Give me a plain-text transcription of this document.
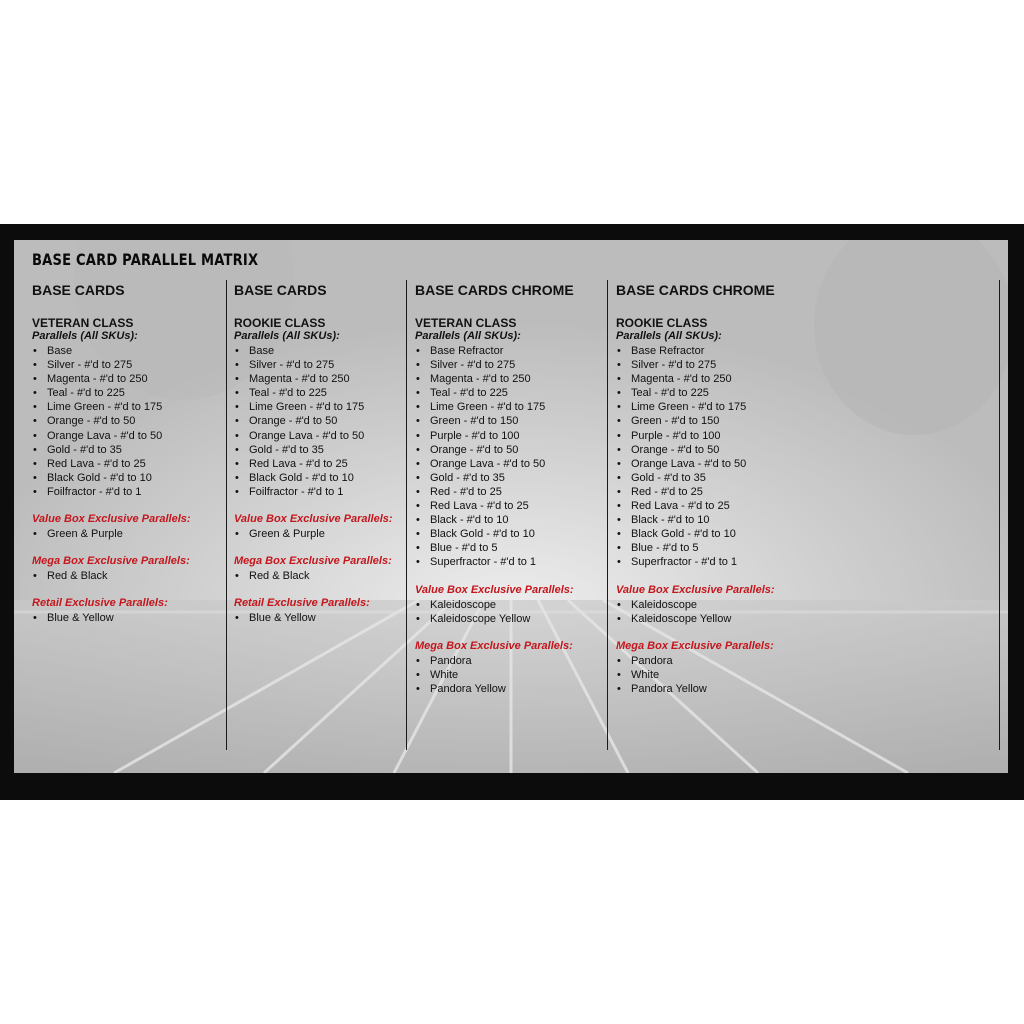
BASE CARD PARALLEL MATRIX
BASE CARDS
VETERAN CLASS
Parallels (All SKUs):
• Base
• Silver - #'d to 275
• Magenta - #'d to 250
• Teal - #'d to 225
• Lime Green - #'d to 175
• Orange - #'d to 50
• Orange Lava - #'d to 50
• Gold - #'d to 35
• Red Lava - #'d to 25
• Black Gold - #'d to 10
• Foilfractor - #'d to 1
Value Box Exclusive Parallels:
• Green & Purple
Mega Box Exclusive Parallels:
• Red & Black
Retail Exclusive Parallels:
• Blue & Yellow
BASE CARDS
ROOKIE CLASS
Parallels (All SKUs):
• Base
• Silver - #'d to 275
• Magenta - #'d to 250
• Teal - #'d to 225
• Lime Green - #'d to 175
• Orange - #'d to 50
• Orange Lava - #'d to 50
• Gold - #'d to 35
• Red Lava - #'d to 25
• Black Gold - #'d to 10
• Foilfractor - #'d to 1
Value Box Exclusive Parallels:
• Green & Purple
Mega Box Exclusive Parallels:
• Red & Black
Retail Exclusive Parallels:
• Blue & Yellow
BASE CARDS CHROME
VETERAN CLASS
Parallels (All SKUs):
• Base Refractor
• Silver - #'d to 275
• Magenta - #'d to 250
• Teal - #'d to 225
• Lime Green - #'d to 175
• Green - #'d to 150
• Purple - #'d to 100
• Orange - #'d to 50
• Orange Lava - #'d to 50
• Gold - #'d to 35
• Red - #'d to 25
• Red Lava - #'d to 25
• Black - #'d to 10
• Black Gold - #'d to 10
• Blue - #'d to 5
• Superfractor - #'d to 1
Value Box Exclusive Parallels:
• Kaleidoscope
• Kaleidoscope Yellow
Mega Box Exclusive Parallels:
• Pandora
• White
• Pandora Yellow
BASE CARDS CHROME
ROOKIE CLASS
Parallels (All SKUs):
• Base Refractor
• Silver - #'d to 275
• Magenta - #'d to 250
• Teal - #'d to 225
• Lime Green - #'d to 175
• Green - #'d to 150
• Purple - #'d to 100
• Orange - #'d to 50
• Orange Lava - #'d to 50
• Gold - #'d to 35
• Red - #'d to 25
• Red Lava - #'d to 25
• Black - #'d to 10
• Black Gold - #'d to 10
• Blue - #'d to 5
• Superfractor - #'d to 1
Value Box Exclusive Parallels:
• Kaleidoscope
• Kaleidoscope Yellow
Mega Box Exclusive Parallels:
• Pandora
• White
• Pandora Yellow
